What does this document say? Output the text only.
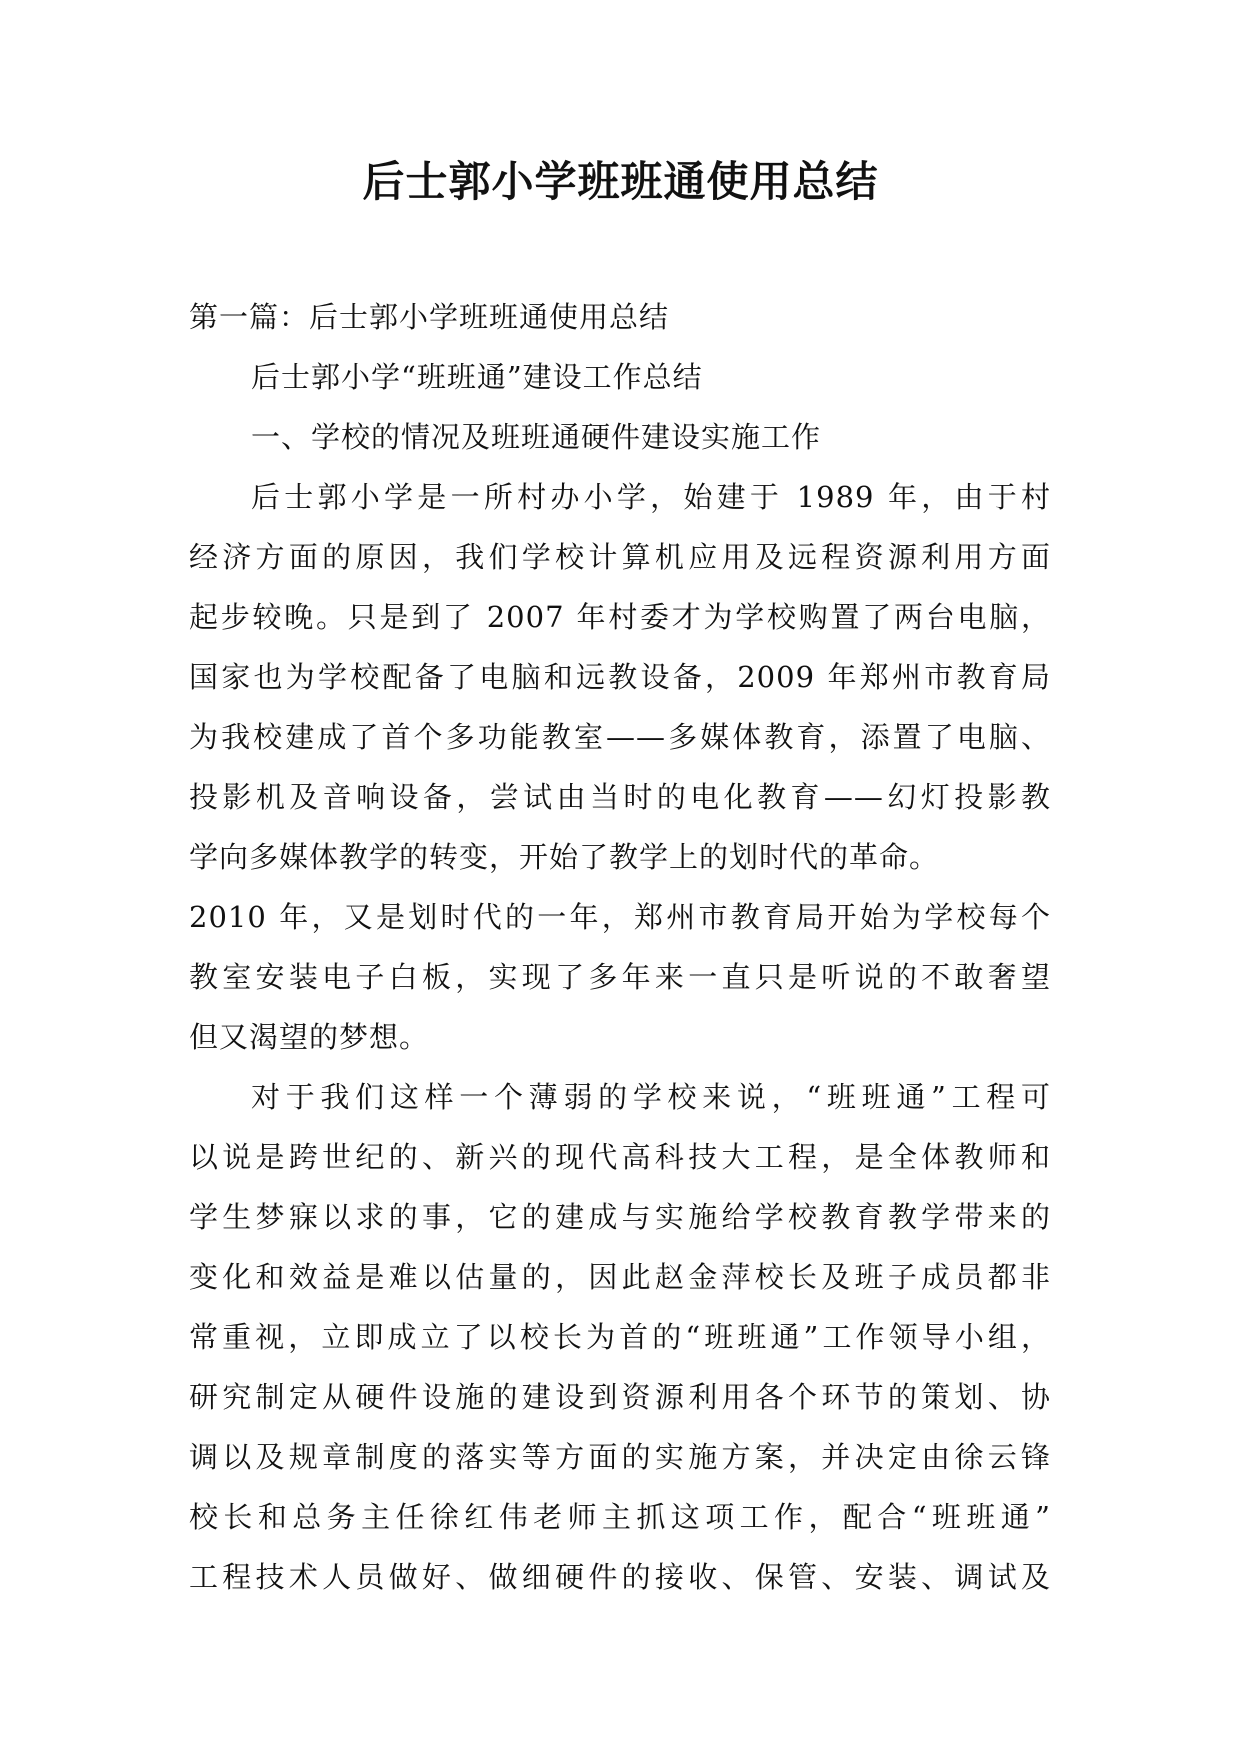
后士郭小学班班通使用总结

第一篇：后士郭小学班班通使用总结

后士郭小学“班班通”建设工作总结

一、学校的情况及班班通硬件建设实施工作

后士郭小学是一所村办小学，始建于 1989 年，由于村

经济方面的原因，我们学校计算机应用及远程资源利用方面

起步较晚。只是到了 2007 年村委才为学校购置了两台电脑，

国家也为学校配备了电脑和远教设备，2009 年郑州市教育局

为我校建成了首个多功能教室——多媒体教育，添置了电脑、

投影机及音响设备，尝试由当时的电化教育——幻灯投影教

学向多媒体教学的转变，开始了教学上的划时代的革命。

2010 年，又是划时代的一年，郑州市教育局开始为学校每个

教室安装电子白板，实现了多年来一直只是听说的不敢奢望

但又渴望的梦想。

对于我们这样一个薄弱的学校来说，“班班通”工程可

以说是跨世纪的、新兴的现代高科技大工程，是全体教师和

学生梦寐以求的事，它的建成与实施给学校教育教学带来的

变化和效益是难以估量的，因此赵金萍校长及班子成员都非

常重视，立即成立了以校长为首的“班班通”工作领导小组，

研究制定从硬件设施的建设到资源利用各个环节的策划、协

调以及规章制度的落实等方面的实施方案，并决定由徐云锋

校长和总务主任徐红伟老师主抓这项工作，配合“班班通”

工程技术人员做好、做细硬件的接收、保管、安装、调试及
